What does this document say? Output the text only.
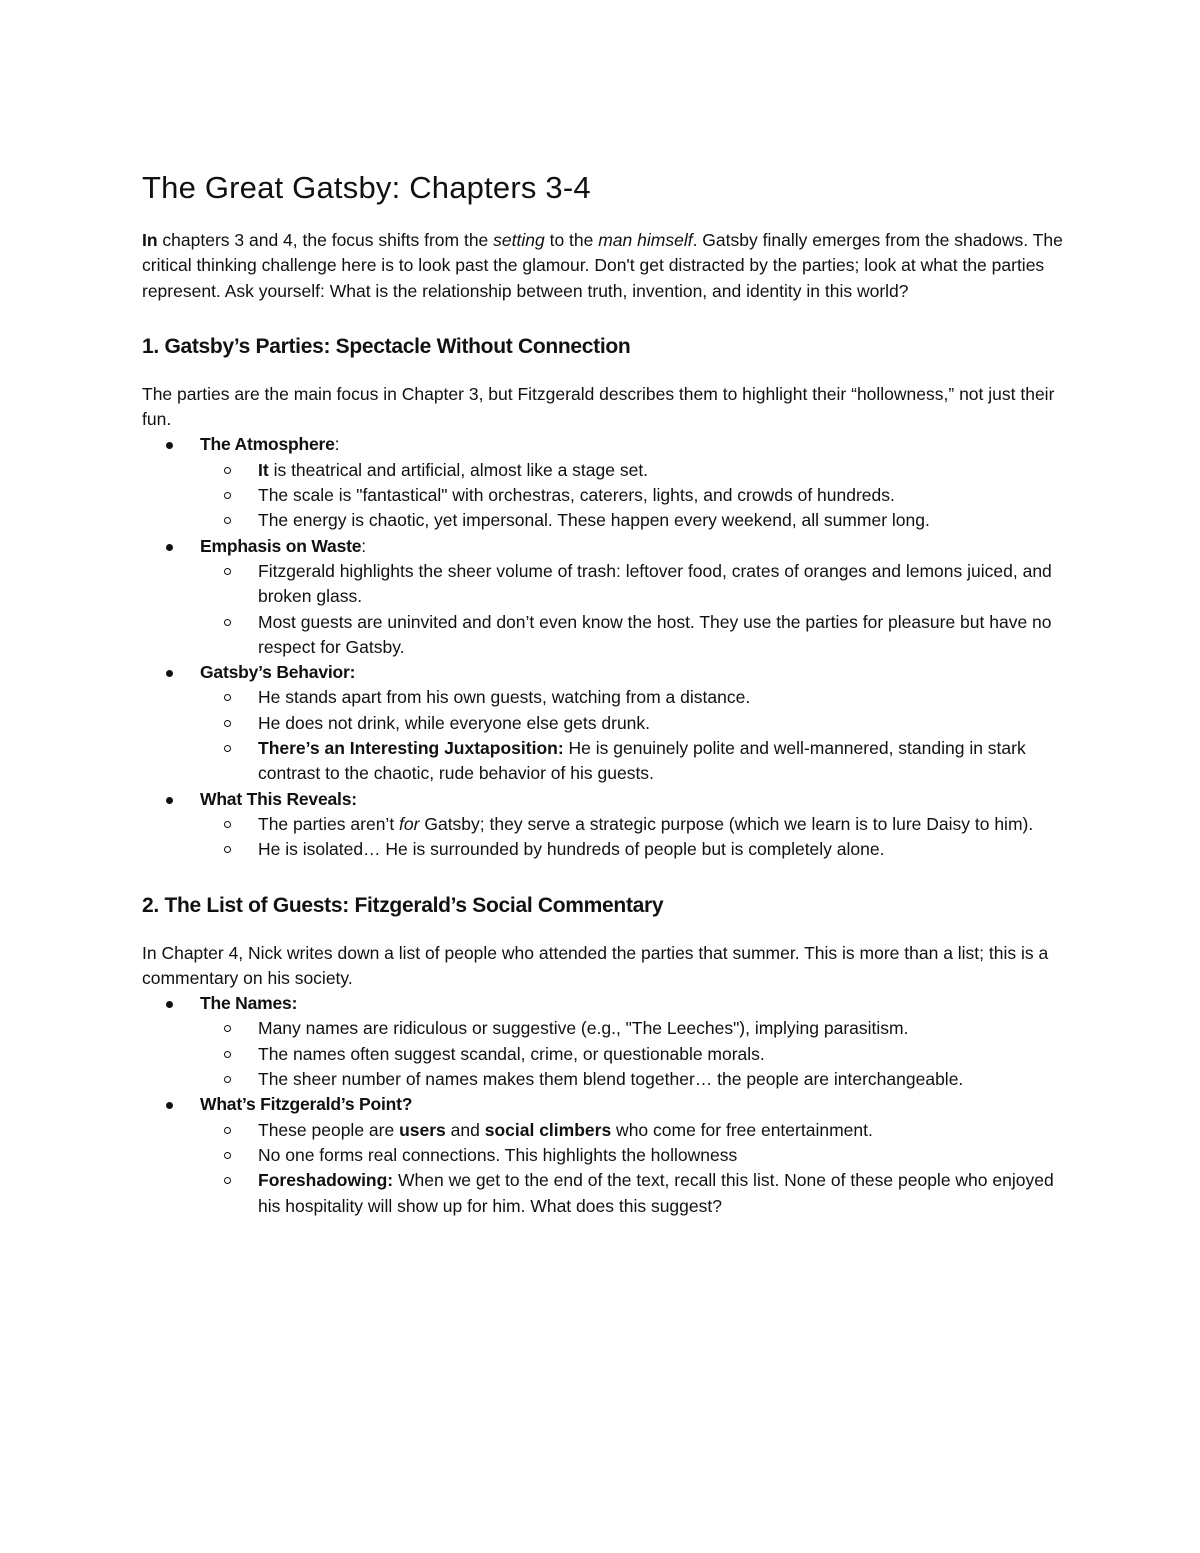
The Great Gatsby: Chapters 3-4

In chapters 3 and 4, the focus shifts from the setting to the man himself. Gatsby finally emerges from the shadows. The critical thinking challenge here is to look past the glamour. Don't get distracted by the parties; look at what the parties represent. Ask yourself: What is the relationship between truth, invention, and identity in this world?

1. Gatsby’s Parties: Spectacle Without Connection

The parties are the main focus in Chapter 3, but Fitzgerald describes them to highlight their “hollowness,” not just their fun.

The Atmosphere:
It is theatrical and artificial, almost like a stage set.
The scale is "fantastical" with orchestras, caterers, lights, and crowds of hundreds.
The energy is chaotic, yet impersonal. These happen every weekend, all summer long.
Emphasis on Waste:
Fitzgerald highlights the sheer volume of trash: leftover food, crates of oranges and lemons juiced, and broken glass.
Most guests are uninvited and don’t even know the host. They use the parties for pleasure but have no respect for Gatsby.
Gatsby’s Behavior:
He stands apart from his own guests, watching from a distance.
He does not drink, while everyone else gets drunk.
There’s an Interesting Juxtaposition: He is genuinely polite and well-mannered, standing in stark contrast to the chaotic, rude behavior of his guests.
What This Reveals:
The parties aren’t for Gatsby; they serve a strategic purpose (which we learn is to lure Daisy to him).
He is isolated… He is surrounded by hundreds of people but is completely alone.
2. The List of Guests: Fitzgerald’s Social Commentary

In Chapter 4, Nick writes down a list of people who attended the parties that summer. This is more than a list; this is a commentary on his society.

The Names:
Many names are ridiculous or suggestive (e.g., "The Leeches"), implying parasitism.
The names often suggest scandal, crime, or questionable morals.
The sheer number of names makes them blend together… the people are interchangeable.
What’s Fitzgerald’s Point?
These people are users and social climbers who come for free entertainment.
No one forms real connections. This highlights the hollowness
Foreshadowing: When we get to the end of the text, recall this list. None of these people who enjoyed his hospitality will show up for him. What does this suggest?
